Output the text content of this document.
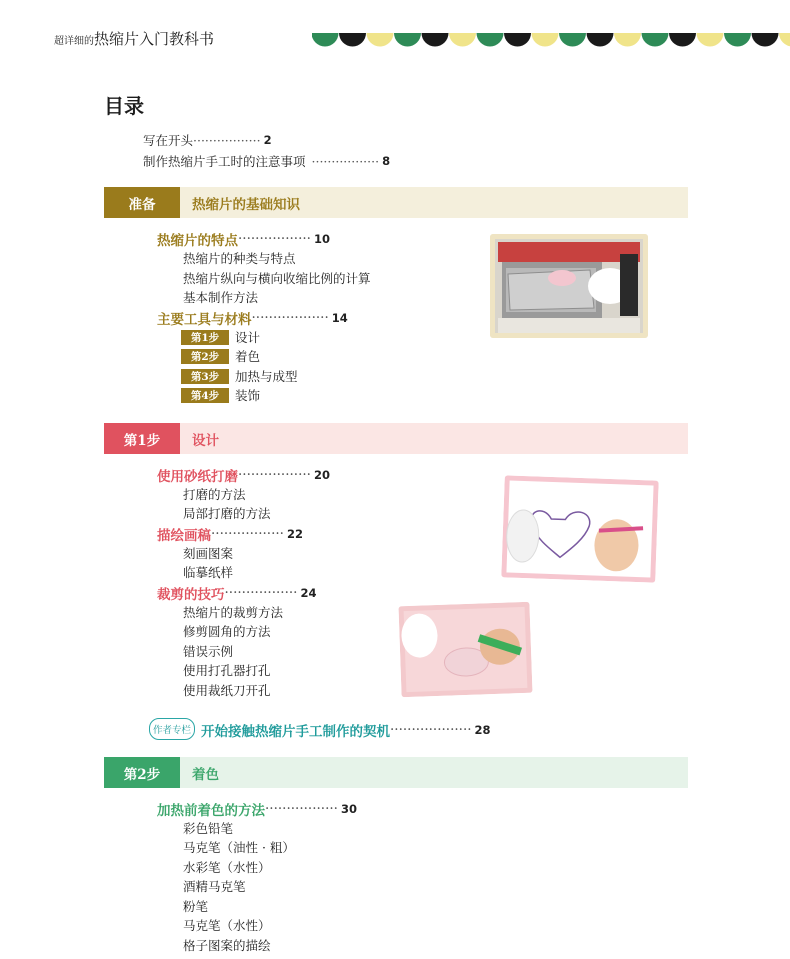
超详细的热缩片入门教科书
目录
写在开头 ················· 2
制作热缩片手工时的注意事项 ················· 8
准备	热缩片的基础知识
热缩片的特点 ················· 10
热缩片的种类与特点
热缩片纵向与横向收缩比例的计算
基本制作方法
主要工具与材料 ·················· 14
第1步	设计
第2步	着色
第3步	加热与成型
第4步	装饰
第1步	设计
使用砂纸打磨 ················· 20
打磨的方法
局部打磨的方法
描绘画稿 ················· 22
刻画图案
临摹纸样
裁剪的技巧 ················· 24
热缩片的裁剪方法
修剪圆角的方法
错误示例
使用打孔器打孔
使用裁纸刀开孔
作者专栏 开始接触热缩片手工制作的契机 ··················· 28
第2步	着色
加热前着色的方法 ················· 30
彩色铅笔
马克笔（油性 · 粗）
水彩笔（水性）
酒精马克笔
粉笔
马克笔（水性）
格子图案的描绘
